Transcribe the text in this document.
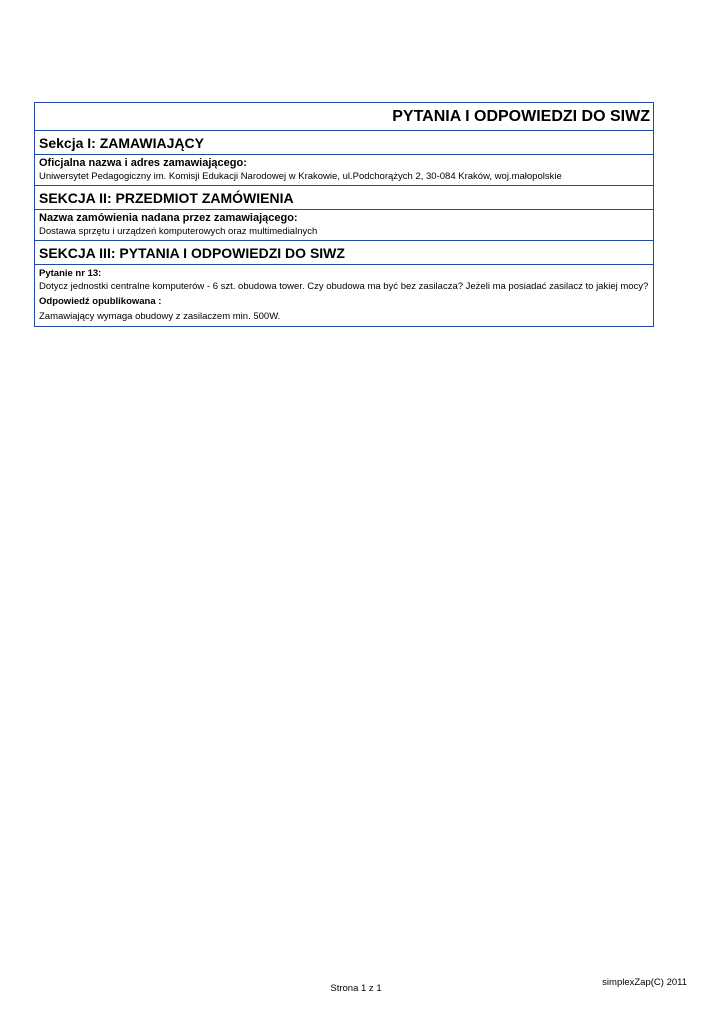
PYTANIA I ODPOWIEDZI DO SIWZ
Sekcja I: ZAMAWIAJĄCY
Oficjalna nazwa i adres zamawiającego:
Uniwersytet Pedagogiczny im. Komisji Edukacji Narodowej w Krakowie, ul.Podchorążych 2, 30-084 Kraków, woj.małopolskie
SEKCJA II: PRZEDMIOT ZAMÓWIENIA
Nazwa zamówienia nadana przez zamawiającego:
Dostawa sprzętu i urządzeń komputerowych oraz multimedialnych
SEKCJA III: PYTANIA I ODPOWIEDZI DO SIWZ
Pytanie nr 13:
Dotycz jednostki centralne komputerów - 6 szt. obudowa tower. Czy obudowa ma być bez zasilacza? Jeżeli ma posiadać zasilacz to jakiej mocy?
Odpowiedź opublikowana :
Zamawiający wymaga obudowy z zasilaczem min. 500W.
Strona 1 z 1
simplexZap(C) 2011
